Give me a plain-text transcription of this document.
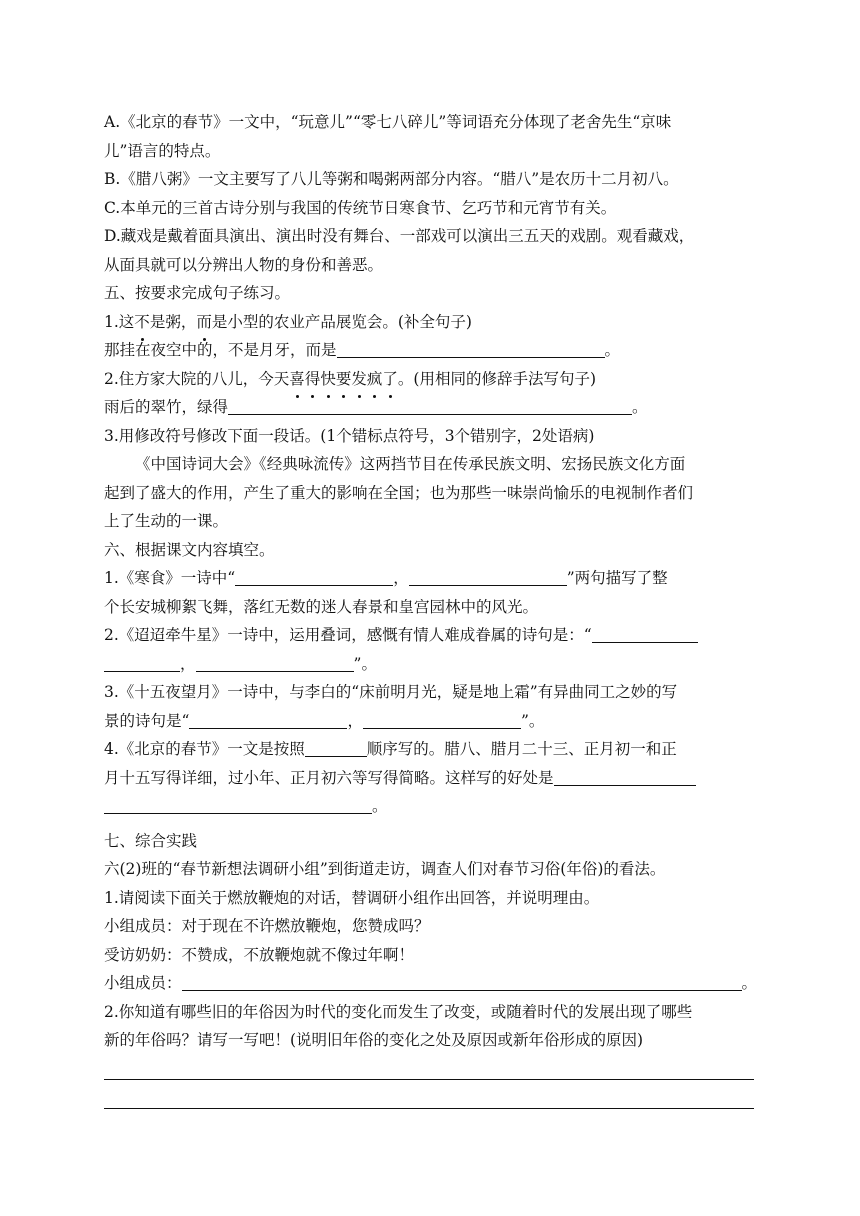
A.《北京的春节》一文中，“玩意儿”“零七八碎儿”等词语充分体现了老舍先生“京味
儿”语言的特点。
B.《腊八粥》一文主要写了八儿等粥和喝粥两部分内容。“腊八”是农历十二月初八。
C.本单元的三首古诗分别与我国的传统节日寒食节、乞巧节和元宵节有关。
D.藏戏是戴着面具演出、演出时没有舞台、一部戏可以演出三五天的戏剧。观看藏戏，
从面具就可以分辨出人物的身份和善恶。
五、按要求完成句子练习。
1.这不是粥，而是小型的农业产品展览会。(补全句子)
那挂在夜空中的，不是月牙，而是	。
2.住方家大院的八儿，今天喜得快要发疯了。(用相同的修辞手法写句子)
雨后的翠竹，绿得	。
3.用修改符号修改下面一段话。(1个错标点符号，3个错别字，2处语病)
《中国诗词大会》《经典咏流传》这两挡节目在传承民族文明、宏扬民族文化方面
起到了盛大的作用，产生了重大的影响在全国；也为那些一味崇尚愉乐的电视制作者们
上了生动的一课。
六、根据课文内容填空。
1.《寒食》一诗中“	，	”两句描写了整
个长安城柳絮飞舞，落红无数的迷人春景和皇宫园林中的风光。
2.《迢迢牵牛星》一诗中，运用叠词，感慨有情人难成眷属的诗句是：“
，	”。
3.《十五夜望月》一诗中，与李白的“床前明月光，疑是地上霜”有异曲同工之妙的写
景的诗句是“	，	”。
4.《北京的春节》一文是按照	顺序写的。腊八、腊月二十三、正月初一和正
月十五写得详细，过小年、正月初六等写得简略。这样写的好处是
。
七、综合实践
六(2)班的“春节新想法调研小组”到街道走访，调查人们对春节习俗(年俗)的看法。
1.请阅读下面关于燃放鞭炮的对话，替调研小组作出回答，并说明理由。
小组成员：对于现在不许燃放鞭炮，您赞成吗？
受访奶奶：不赞成，不放鞭炮就不像过年啊！
小组成员：	。
2.你知道有哪些旧的年俗因为时代的变化而发生了改变，或随着时代的发展出现了哪些
新的年俗吗？请写一写吧！(说明旧年俗的变化之处及原因或新年俗形成的原因)
